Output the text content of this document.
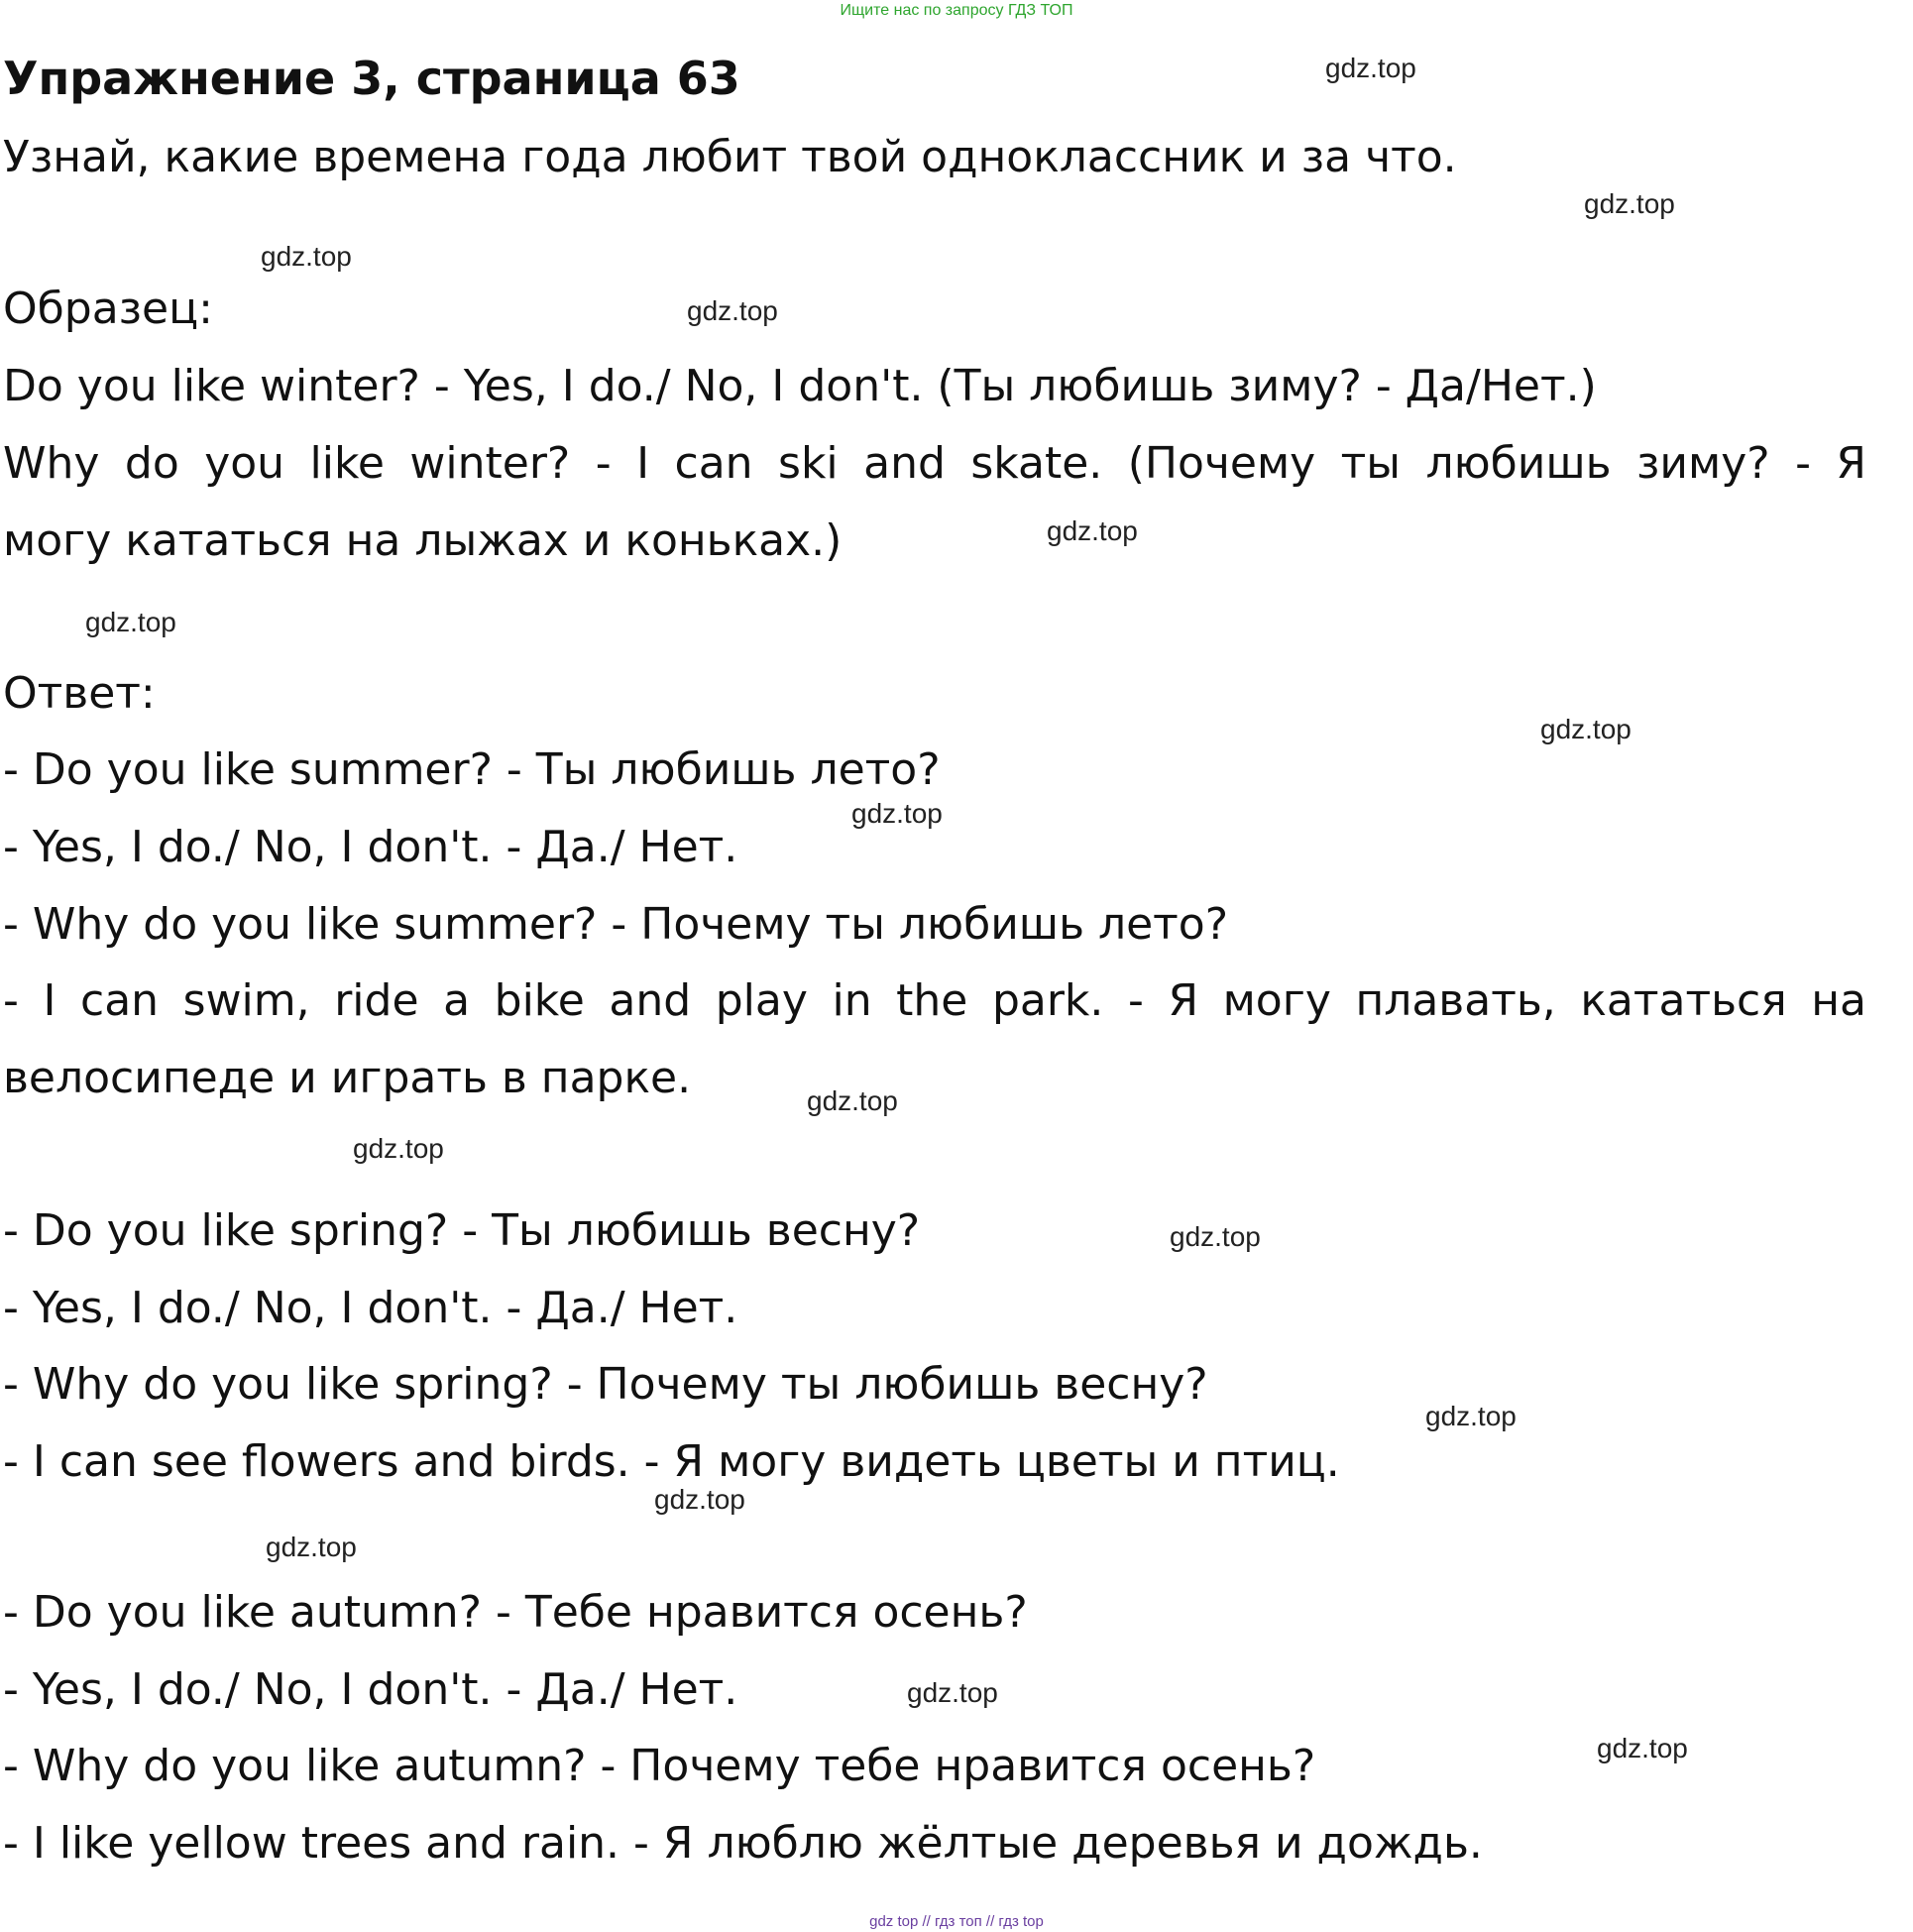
Ищите нас по запросу ГДЗ ТОП
Упражнение 3, страница 63
Узнай, какие времена года любит твой одноклассник и за что.
Образец:
Do you like winter? - Yes, I do./ No, I don't. (Ты любишь зиму? - Да/Нет.)
Why do you like winter? - I can ski and skate. (Почему ты любишь зиму? - Я
могу кататься на лыжах и коньках.)
Ответ:
- Do you like summer? - Ты любишь лето?
- Yes, I do./ No, I don't. - Да./ Нет.
- Why do you like summer? - Почему ты любишь лето?
- I can swim, ride a bike and play in the park. - Я могу плавать, кататься на
велосипеде и играть в парке.
- Do you like spring? - Ты любишь весну?
- Yes, I do./ No, I don't. - Да./ Нет.
- Why do you like spring? - Почему ты любишь весну?
- I can see flowers and birds. - Я могу видеть цветы и птиц.
- Do you like autumn? - Тебе нравится осень?
- Yes, I do./ No, I don't. - Да./ Нет.
- Why do you like autumn? - Почему тебе нравится осень?
- I like yellow trees and rain. - Я люблю жёлтые деревья и дождь.
gdz.top
gdz.top
gdz.top
gdz.top
gdz.top
gdz.top
gdz.top
gdz.top
gdz.top
gdz.top
gdz.top
gdz.top
gdz.top
gdz.top
gdz.top
gdz.top
gdz top // гдз топ // гдз top
